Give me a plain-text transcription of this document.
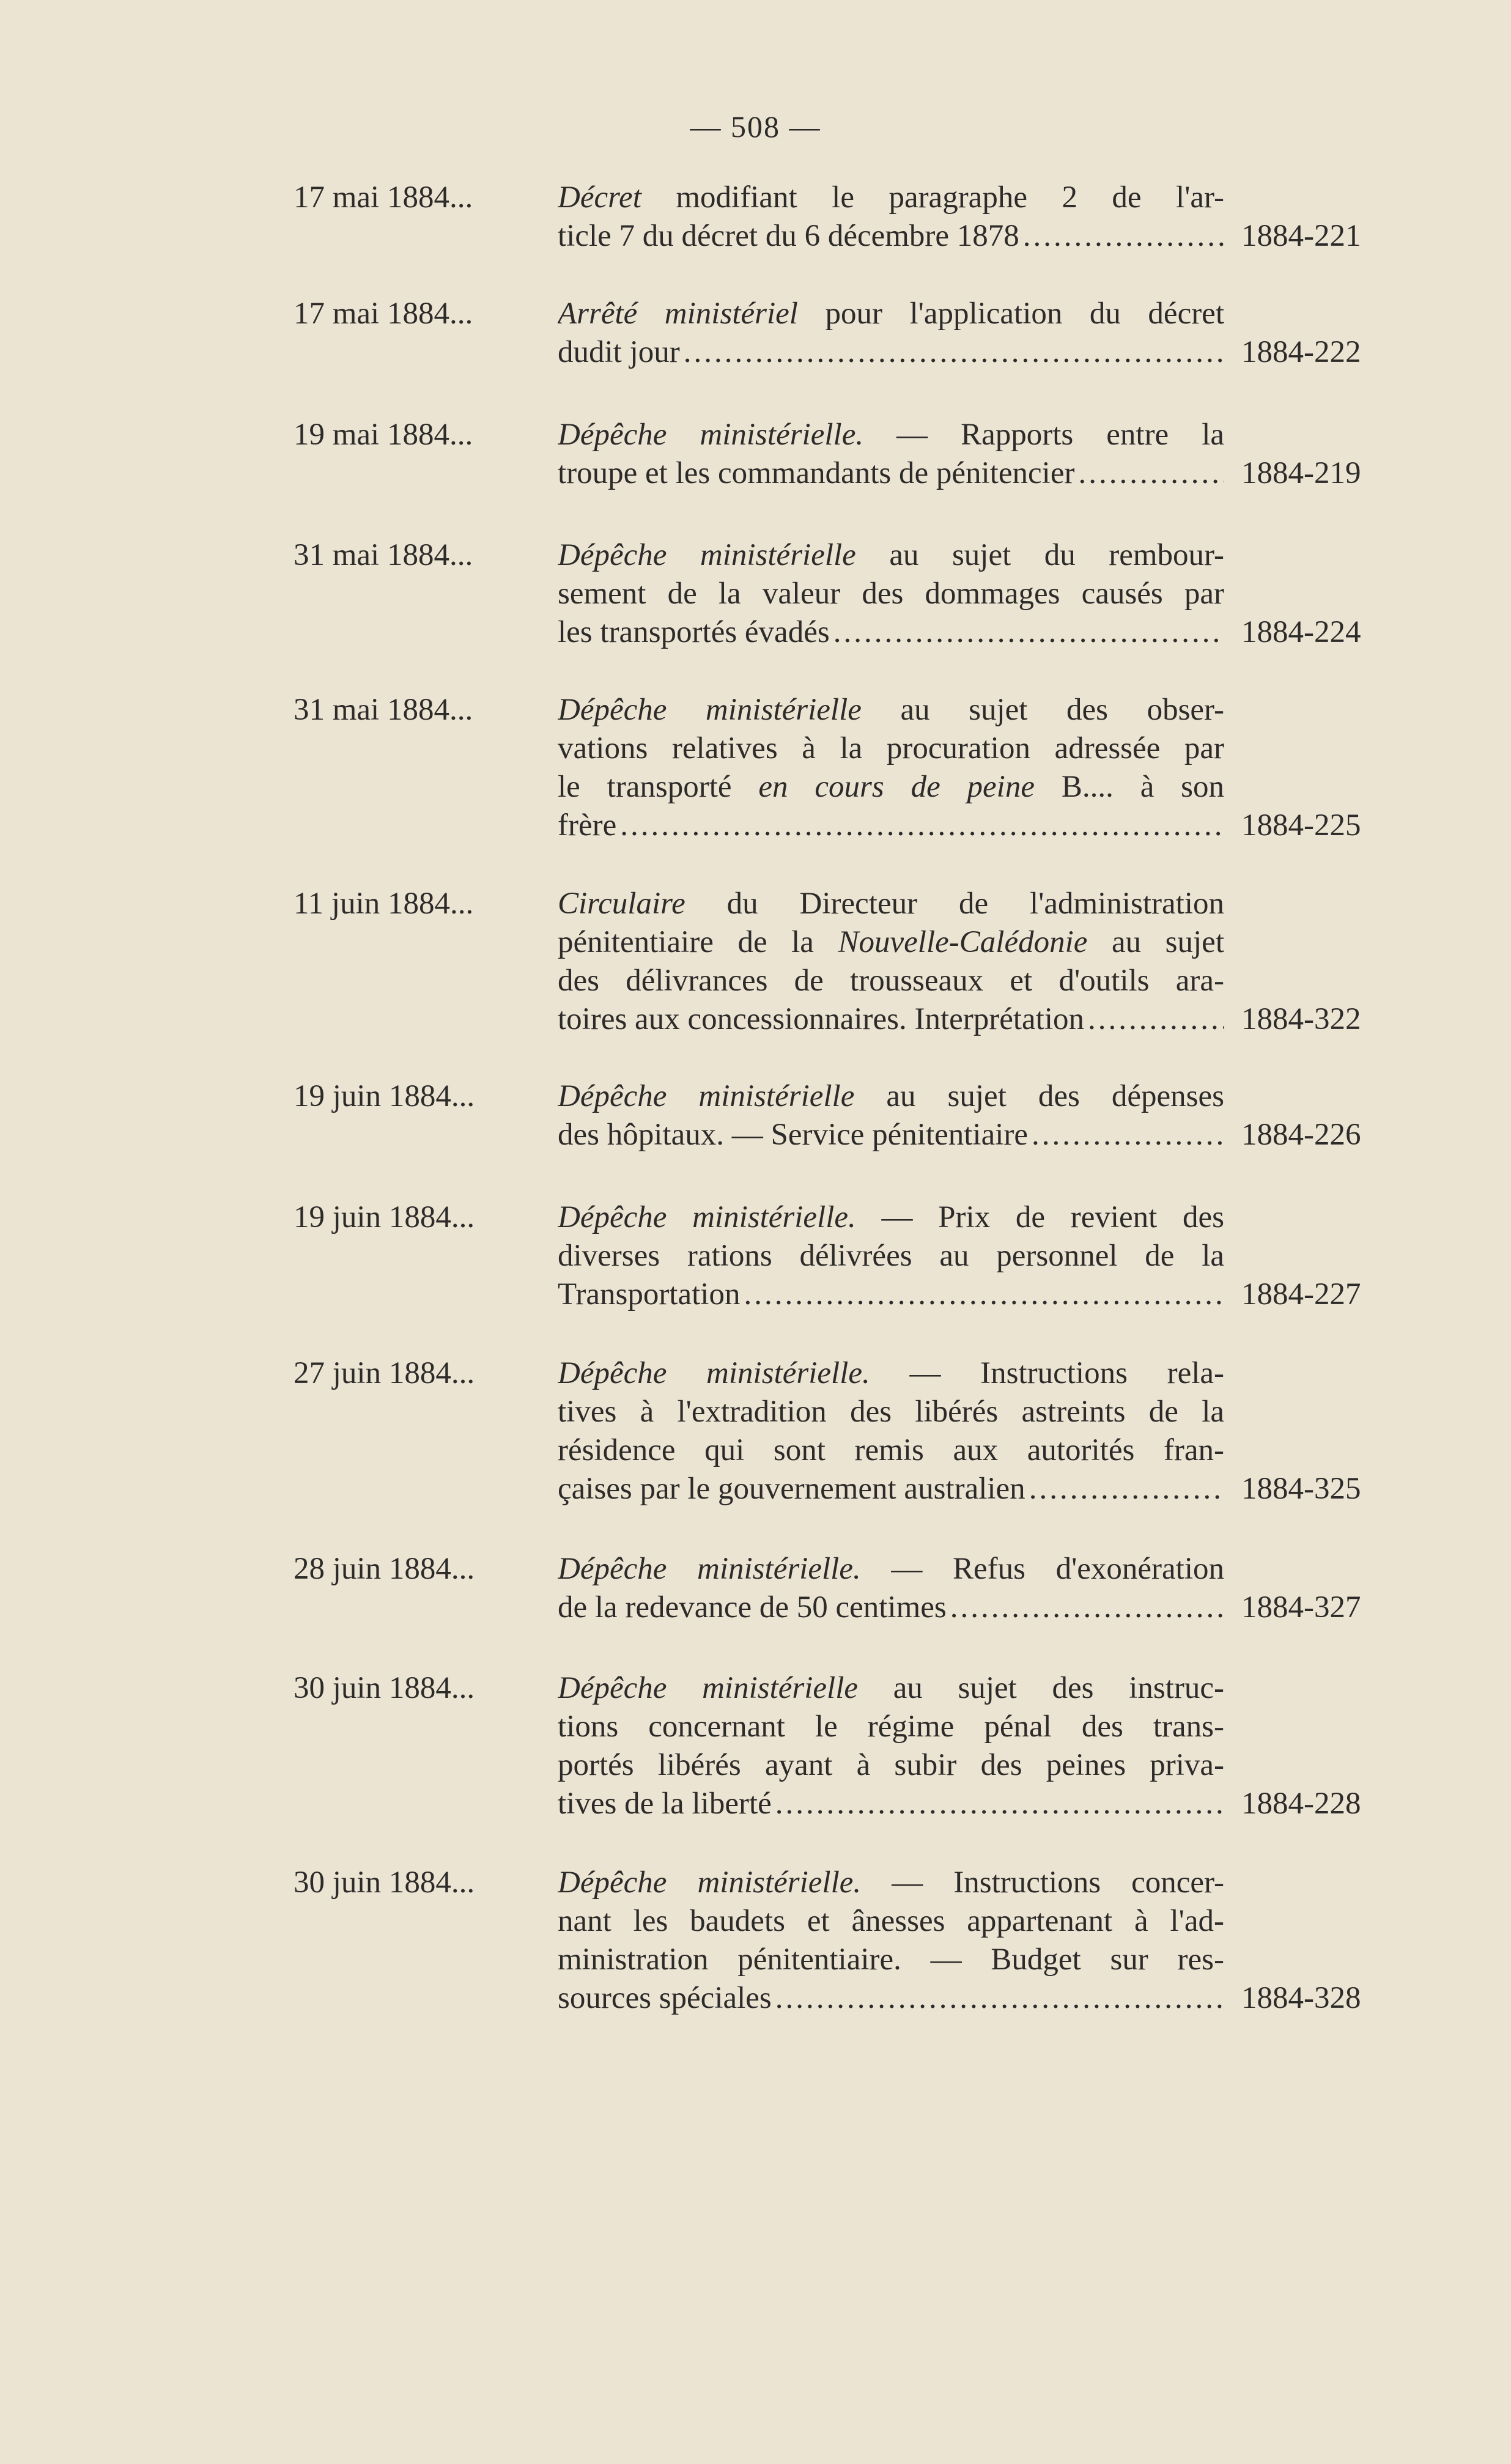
— 508 —
17 mai 1884...	Décret modifiant le paragraphe 2 de l'ar-
ticle 7 du décret du 6 décembre 1878 .....	1884-221
17 mai 1884...	Arrêté ministériel pour l'application du décret
dudit jour .....	1884-222
19 mai 1884...	Dépêche ministérielle. — Rapports entre la
troupe et les commandants de pénitencier .....	1884-219
31 mai 1884...	Dépêche ministérielle au sujet du rembour-
sement de la valeur des dommages causés par
les transportés évadés .....	1884-224
31 mai 1884...	Dépêche ministérielle au sujet des obser-
vations relatives à la procuration adressée par
le transporté en cours de peine B.... à son
frère .....	1884-225
11 juin 1884...	Circulaire du Directeur de l'administration
pénitentiaire de la Nouvelle-Calédonie au sujet
des délivrances de trousseaux et d'outils ara-
toires aux concessionnaires. Interprétation .....	1884-322
19 juin 1884...	Dépêche ministérielle au sujet des dépenses
des hôpitaux. — Service pénitentiaire .....	1884-226
19 juin 1884...	Dépêche ministérielle. — Prix de revient des
diverses rations délivrées au personnel de la
Transportation .....	1884-227
27 juin 1884...	Dépêche ministérielle. — Instructions rela-
tives à l'extradition des libérés astreints de la
résidence qui sont remis aux autorités fran-
çaises par le gouvernement australien .....	1884-325
28 juin 1884...	Dépêche ministérielle. — Refus d'exonération
de la redevance de 50 centimes .....	1884-327
30 juin 1884...	Dépêche ministérielle au sujet des instruc-
tions concernant le régime pénal des trans-
portés libérés ayant à subir des peines priva-
tives de la liberté .....	1884-228
30 juin 1884...	Dépêche ministérielle. — Instructions concer-
nant les baudets et ânesses appartenant à l'ad-
ministration pénitentiaire. — Budget sur res-
sources spéciales .....	1884-328
